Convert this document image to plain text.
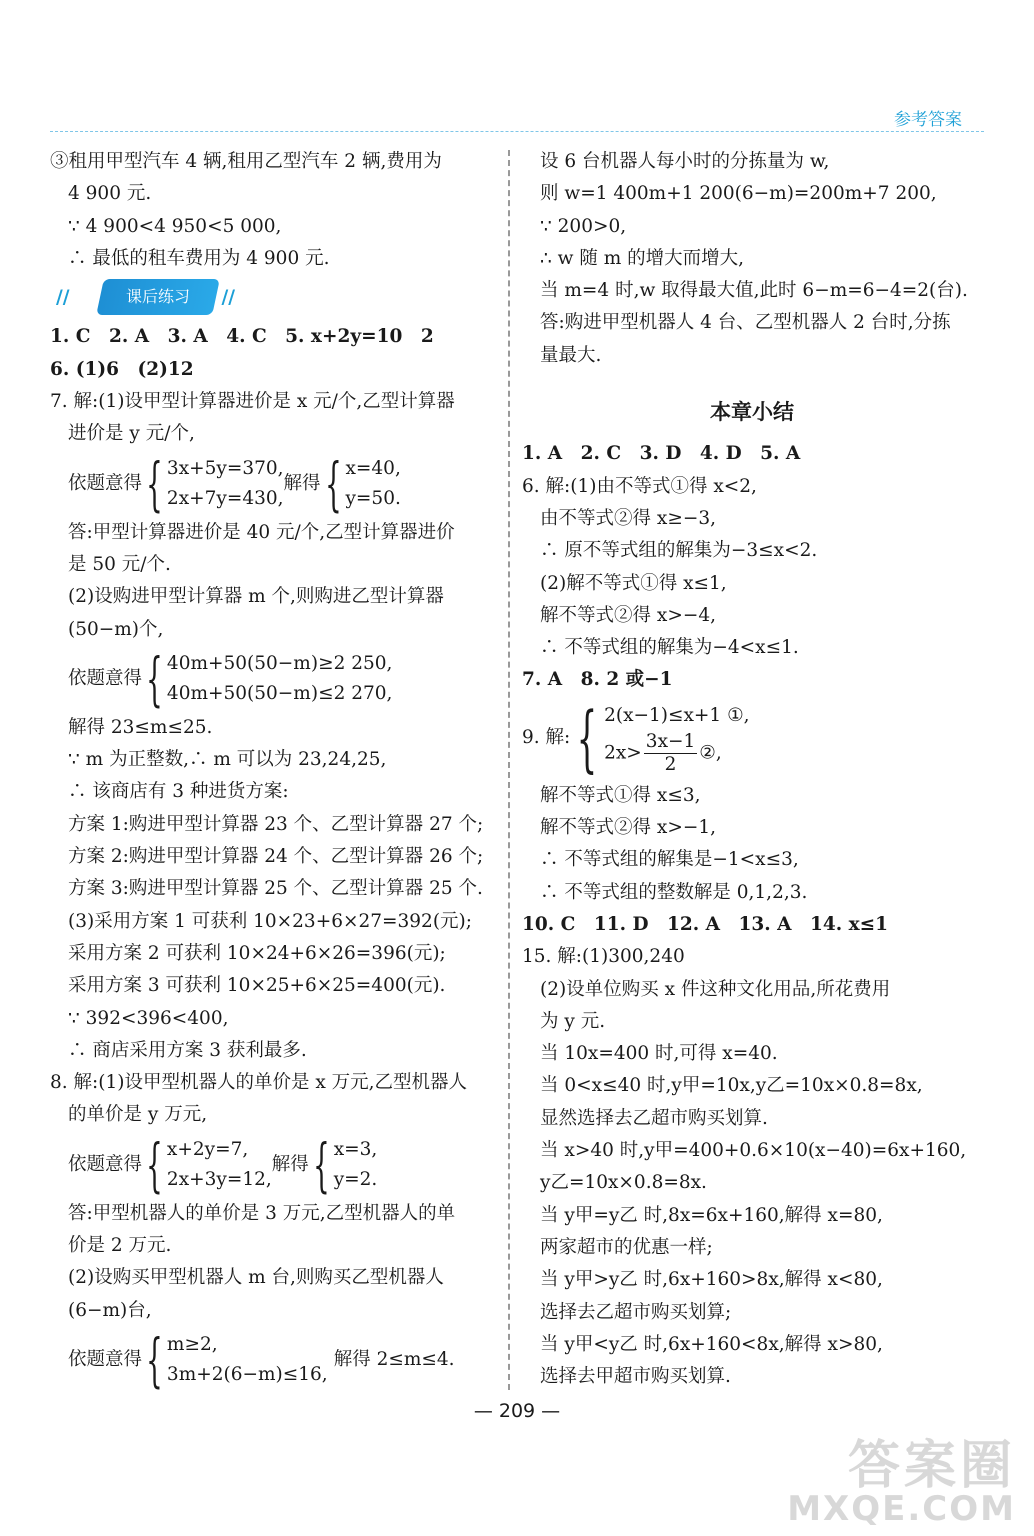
参考答案
③租用甲型汽车 4 辆,租用乙型汽车 2 辆,费用为
4 900 元.
∵ 4 900<4 950<5 000,
∴ 最低的租车费用为 4 900 元.
//	课后练习 //
1. C　2. A　3. A　4. C　5. x+2y=10　2
6. (1)6　(2)12
7. 解:(1)设甲型计算器进价是 x 元/个,乙型计算器
进价是 y 元/个,
依题意得 { 3x+5y=370,
2x+7y=430,
解得 { x=40,
y=50.
答:甲型计算器进价是 40 元/个,乙型计算器进价
是 50 元/个.
(2)设购进甲型计算器 m 个,则购进乙型计算器
(50−m)个,
依题意得 { 40m+50(50−m)≥2 250,
40m+50(50−m)≤2 270,
解得 23≤m≤25.
∵ m 为正整数,∴ m 可以为 23,24,25,
∴ 该商店有 3 种进货方案:
方案 1:购进甲型计算器 23 个、乙型计算器 27 个;
方案 2:购进甲型计算器 24 个、乙型计算器 26 个;
方案 3:购进甲型计算器 25 个、乙型计算器 25 个.
(3)采用方案 1 可获利 10×23+6×27=392(元);
采用方案 2 可获利 10×24+6×26=396(元);
采用方案 3 可获利 10×25+6×25=400(元).
∵ 392<396<400,
∴ 商店采用方案 3 获利最多.
8. 解:(1)设甲型机器人的单价是 x 万元,乙型机器人
的单价是 y 万元,
依题意得 { x+2y=7,
2x+3y=12,
解得 { x=3,
y=2.
答:甲型机器人的单价是 3 万元,乙型机器人的单
价是 2 万元.
(2)设购买甲型机器人 m 台,则购买乙型机器人
(6−m)台,
依题意得 { m≥2,
3m+2(6−m)≤16,
解得 2≤m≤4.
设 6 台机器人每小时的分拣量为 w,
则 w=1 400m+1 200(6−m)=200m+7 200,
∵ 200>0,
∴ w 随 m 的增大而增大,
当 m=4 时,w 取得最大值,此时 6−m=6−4=2(台).
答:购进甲型机器人 4 台、乙型机器人 2 台时,分拣
量最大.
本章小结
1. A　2. C　3. D　4. D　5. A
6. 解:(1)由不等式①得 x<2,
由不等式②得 x≥−3,
∴ 原不等式组的解集为−3≤x<2.
(2)解不等式①得 x≤1,
解不等式②得 x>−4,
∴ 不等式组的解集为−4<x≤1.
7. A　8. 2 或−1
9. 解: { 2(x−1)≤x+1 ①,
$2x> \frac{3x-1}{2}$ ②,
解不等式①得 x≤3,
解不等式②得 x>−1,
∴ 不等式组的解集是−1<x≤3,
∴ 不等式组的整数解是 0,1,2,3.
10. C　11. D　12. A　13. A　14. x≤1
15. 解:(1)300,240
(2)设单位购买 x 件这种文化用品,所花费用
为 y 元.
当 10x=400 时,可得 x=40.
当 0<x≤40 时,y甲=10x,y乙=10x×0.8=8x,
显然选择去乙超市购买划算.
当 x>40 时,y甲=400+0.6×10(x−40)=6x+160,
y乙=10x×0.8=8x.
当 y甲=y乙 时,8x=6x+160,解得 x=80,
两家超市的优惠一样;
当 y甲>y乙 时,6x+160>8x,解得 x<80,
选择去乙超市购买划算;
当 y甲<y乙 时,6x+160<8x,解得 x>80,
选择去甲超市购买划算.
— 209 —
答案圈
MXQE.COM
